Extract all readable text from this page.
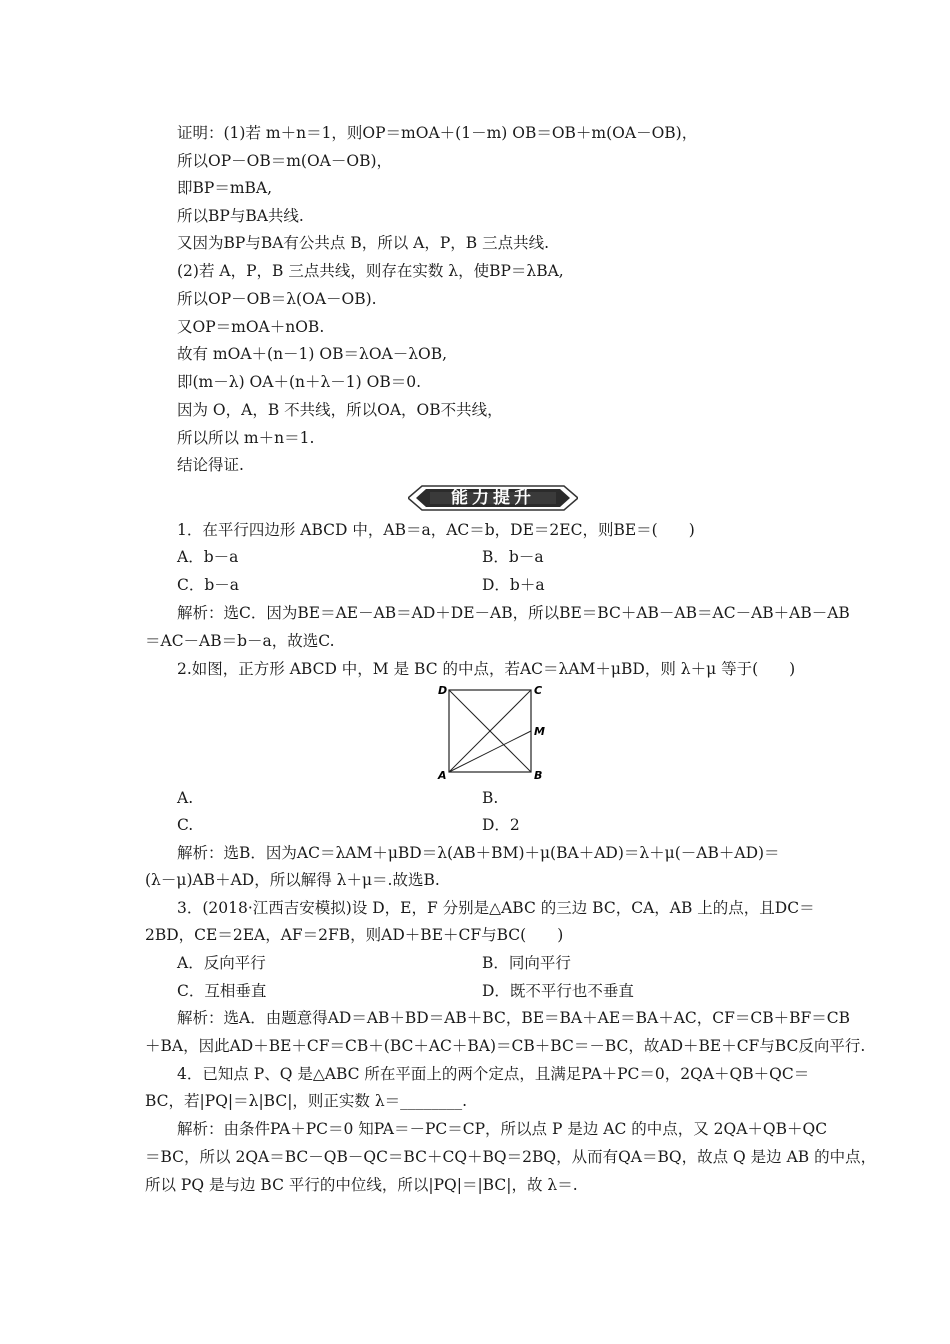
证明：(1)若 m＋n＝1，则OP＝mOA＋(1－m) OB＝OB＋m(OA－OB)，
所以OP－OB＝m(OA－OB)，
即BP＝mBA,
所以BP与BA共线.
又因为BP与BA有公共点 B，所以 A，P，B 三点共线.
(2)若 A，P，B 三点共线，则存在实数 λ，使BP＝λBA,
所以OP－OB＝λ(OA－OB).
又OP＝mOA＋nOB.
故有 mOA＋(n－1) OB＝λOA－λOB,
即(m－λ) OA＋(n＋λ－1) OB＝0.
因为 O，A，B 不共线，所以OA，OB不共线，
所以所以 m＋n＝1.
结论得证.
能力提升
1．在平行四边形 ABCD 中，AB＝a，AC＝b，DE＝2EC，则BE＝(　　)
A．b－a	B．b－a
C．b－a	D．b＋a
解析：选C．因为BE＝AE－AB＝AD＋DE－AB，所以BE＝BC＋AB－AB＝AC－AB＋AB－AB
＝AC－AB＝b－a，故选C.
2.如图，正方形 ABCD 中，M 是 BC 的中点，若AC＝λAM＋μBD，则 λ＋μ 等于(　　)
D	C
M
A	B
A.	B.
C.	D．2
解析：选B．因为AC＝λAM＋μBD＝λ(AB＋BM)＋μ(BA＋AD)＝λ＋μ(－AB＋AD)＝
(λ－μ)AB＋AD，所以解得 λ＋μ＝.故选B.
3．(2018·江西吉安模拟)设 D，E，F 分别是△ABC 的三边 BC，CA，AB 上的点，且DC＝
2BD，CE＝2EA，AF＝2FB，则AD＋BE＋CF与BC(　　)
A．反向平行	B．同向平行
C．互相垂直	D．既不平行也不垂直
解析：选A．由题意得AD＝AB＋BD＝AB＋BC，BE＝BA＋AE＝BA＋AC，CF＝CB＋BF＝CB
＋BA，因此AD＋BE＋CF＝CB＋(BC＋AC＋BA)＝CB＋BC＝－BC，故AD＋BE＋CF与BC反向平行.
4．已知点 P、Q 是△ABC 所在平面上的两个定点，且满足PA＋PC＝0，2QA＋QB＋QC＝
BC，若|PQ|＝λ|BC|，则正实数 λ＝________.
解析：由条件PA＋PC＝0 知PA＝－PC＝CP，所以点 P 是边 AC 的中点，又 2QA＋QB＋QC
＝BC，所以 2QA＝BC－QB－QC＝BC＋CQ＋BQ＝2BQ，从而有QA＝BQ，故点 Q 是边 AB 的中点，
所以 PQ 是与边 BC 平行的中位线，所以|PQ|＝|BC|，故 λ＝.
